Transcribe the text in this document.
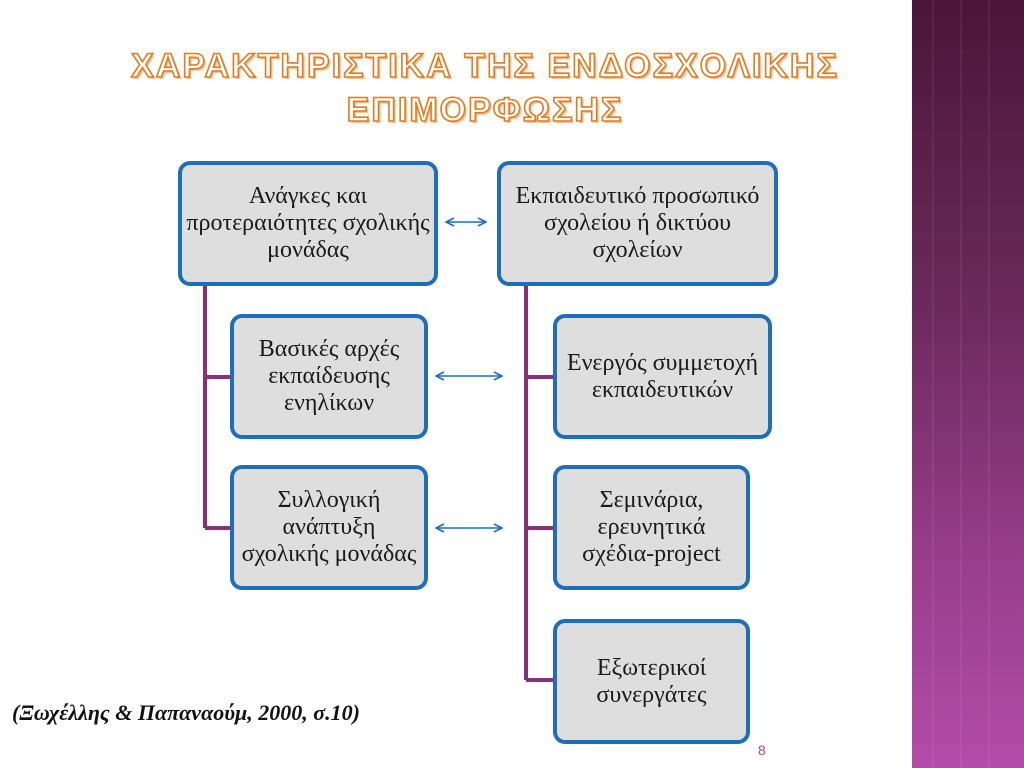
ΧΑΡΑΚΤΗΡΙΣΤΙΚΑ ΤΗΣ ΕΝΔΟΣΧΟΛΙΚΗΣ
ΕΠΙΜΟΡΦΩΣΗΣ
Ανάγκες και προτεραιότητες σχολικής μονάδας
Βασικές αρχές εκπαίδευσης ενηλίκων
Συλλογική ανάπτυξη σχολικής μονάδας
Εκπαιδευτικό προσωπικό σχολείου ή δικτύου σχολείων
Ενεργός συμμετοχή εκπαιδευτικών
Σεμινάρια, ερευνητικά σχέδια-project
Εξωτερικοί συνεργάτες
(Ξωχέλλης & Παπαναούμ, 2000, σ.10)
8
